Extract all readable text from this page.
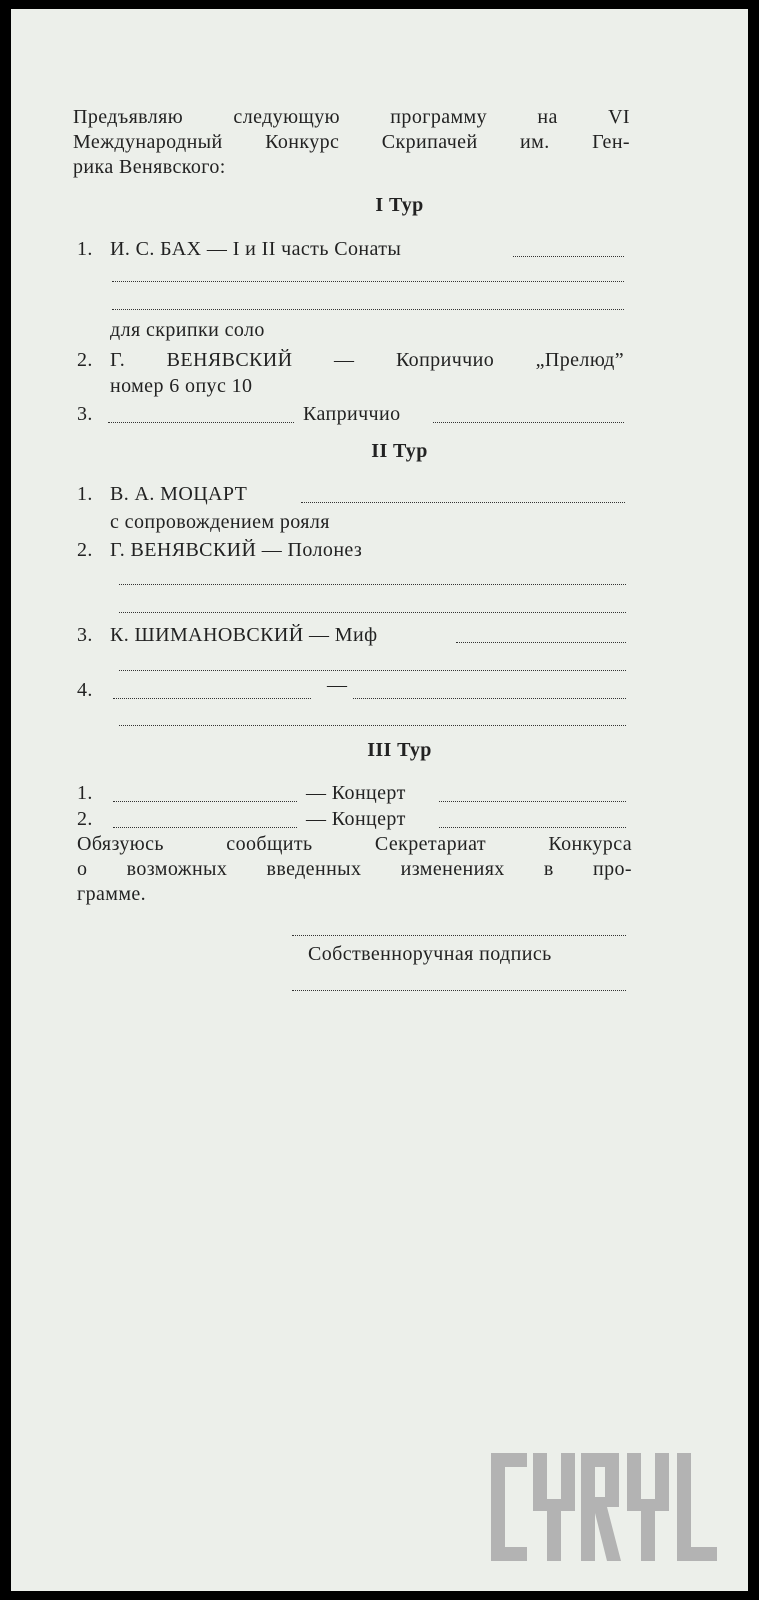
Предъявляю следующую программу на VI
Международный Конкурс Скрипачей им. Ген-
рика Венявского:
I Тур
1. И. С. БАХ — I и II часть Сонаты
для скрипки соло
2. Г. ВЕНЯВСКИЙ — Коприччио „Прелюд”
номер 6 опус 10
3.	Каприччио
II Тур
1. В. А. МОЦАРТ
с сопровождением рояля
2. Г. ВЕНЯВСКИЙ — Полонез
3. К. ШИМАНОВСКИЙ — Миф
4.	—
III Тур
1.	— Концерт
2.	— Концерт
Обязуюсь сообщить Секретариат Конкурса
о возможных введенных изменениях в про-
грамме.
Собственноручная подпись
